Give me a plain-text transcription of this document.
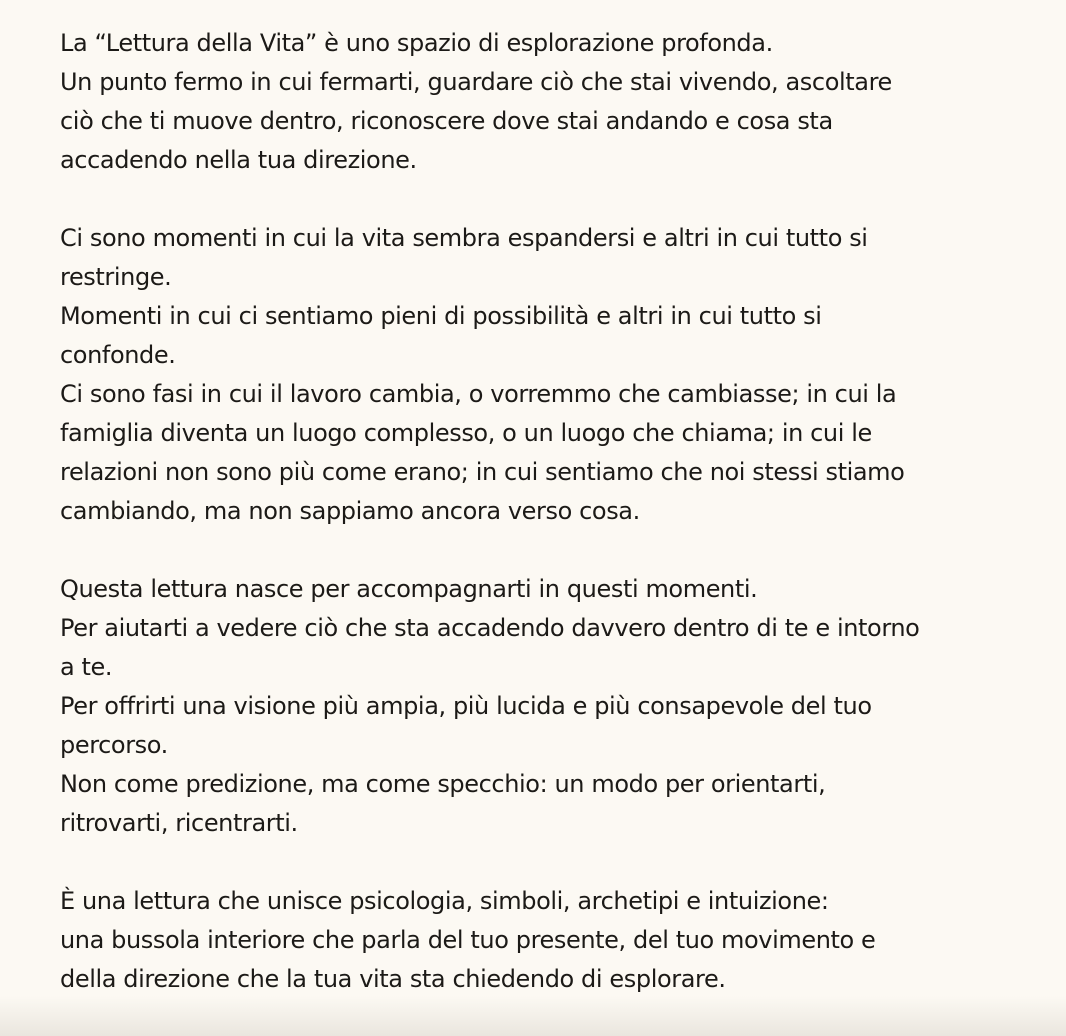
La “Lettura della Vita” è uno spazio di esplorazione profonda.
Un punto fermo in cui fermarti, guardare ciò che stai vivendo, ascoltare
ciò che ti muove dentro, riconoscere dove stai andando e cosa sta
accadendo nella tua direzione.
Ci sono momenti in cui la vita sembra espandersi e altri in cui tutto si
restringe.
Momenti in cui ci sentiamo pieni di possibilità e altri in cui tutto si
confonde.
Ci sono fasi in cui il lavoro cambia, o vorremmo che cambiasse; in cui la
famiglia diventa un luogo complesso, o un luogo che chiama; in cui le
relazioni non sono più come erano; in cui sentiamo che noi stessi stiamo
cambiando, ma non sappiamo ancora verso cosa.
Questa lettura nasce per accompagnarti in questi momenti.
Per aiutarti a vedere ciò che sta accadendo davvero dentro di te e intorno
a te.
Per offrirti una visione più ampia, più lucida e più consapevole del tuo
percorso.
Non come predizione, ma come specchio: un modo per orientarti,
ritrovarti, ricentrarti.
È una lettura che unisce psicologia, simboli, archetipi e intuizione:
una bussola interiore che parla del tuo presente, del tuo movimento e
della direzione che la tua vita sta chiedendo di esplorare.
